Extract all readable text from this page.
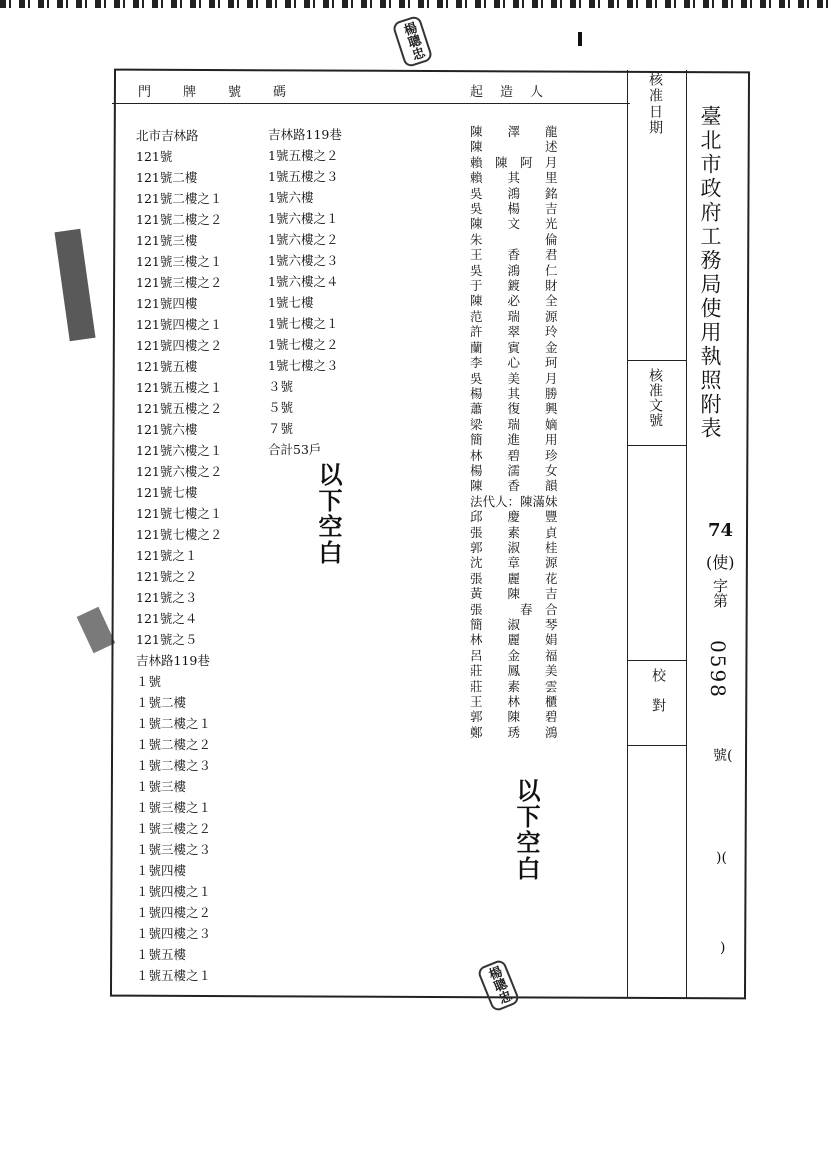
門　　牌　　號　　碼	起　造　人	核准日期
核准文號
校對
臺北市政府工務局使用執照附表
74
(使)
字第
0598
號(
)(
)
北市吉林路
121號
121號二樓
121號二樓之１
121號二樓之２
121號三樓
121號三樓之１
121號三樓之２
121號四樓
121號四樓之１
121號四樓之２
121號五樓
121號五樓之１
121號五樓之２
121號六樓
121號六樓之１
121號六樓之２
121號七樓
121號七樓之１
121號七樓之２
121號之１
121號之２
121號之３
121號之４
121號之５
吉林路119巷
１號
１號二樓
１號二樓之１
１號二樓之２
１號二樓之３
１號三樓
１號三樓之１
１號三樓之２
１號三樓之３
１號四樓
１號四樓之１
１號四樓之２
１號四樓之３
１號五樓
１號五樓之１
吉林路119巷
1號五樓之２
1號五樓之３
1號六樓
1號六樓之１
1號六樓之２
1號六樓之３
1號六樓之４
1號七樓
1號七樓之１
1號七樓之２
1號七樓之３
３號
５號
７號
合計53戶
以下空白
以下空白
陳　　澤　　龍
陳　　　　　述
賴　陳　阿　月
賴　　其　　里
吳　　鴻　　銘
吳　　楊　　吉
陳　　文　　光
朱　　　　　倫
王　　香　　君
吳　　鴻　　仁
于　　鍍　　財
陳　　必　　全
范　　瑞　　源
許　　翠　　玲
蘭　　賓　　金
李　　心　　珂
吳　　美　　月
楊　　其　　勝
蕭　　復　　興
梁　　瑞　　嫡
簡　　進　　用
林　　碧　　珍
楊　　濡　　女
陳　　香　　韻
法代人：陳滿妹
邱　　慶　　豐
張　　素　　貞
郭　　淑　　桂
沈　　章　　源
張　　麗　　花
黃　　陳　　吉
張　　　春　合
簡　　淑　　琴
林　　麗　　娟
呂　　金　　福
莊　　鳳　　美
莊　　素　　雲
王　　林　　櫃
郭　　陳　　碧
鄭　　琇　　鴻
楊聰忠
楊聰忠
